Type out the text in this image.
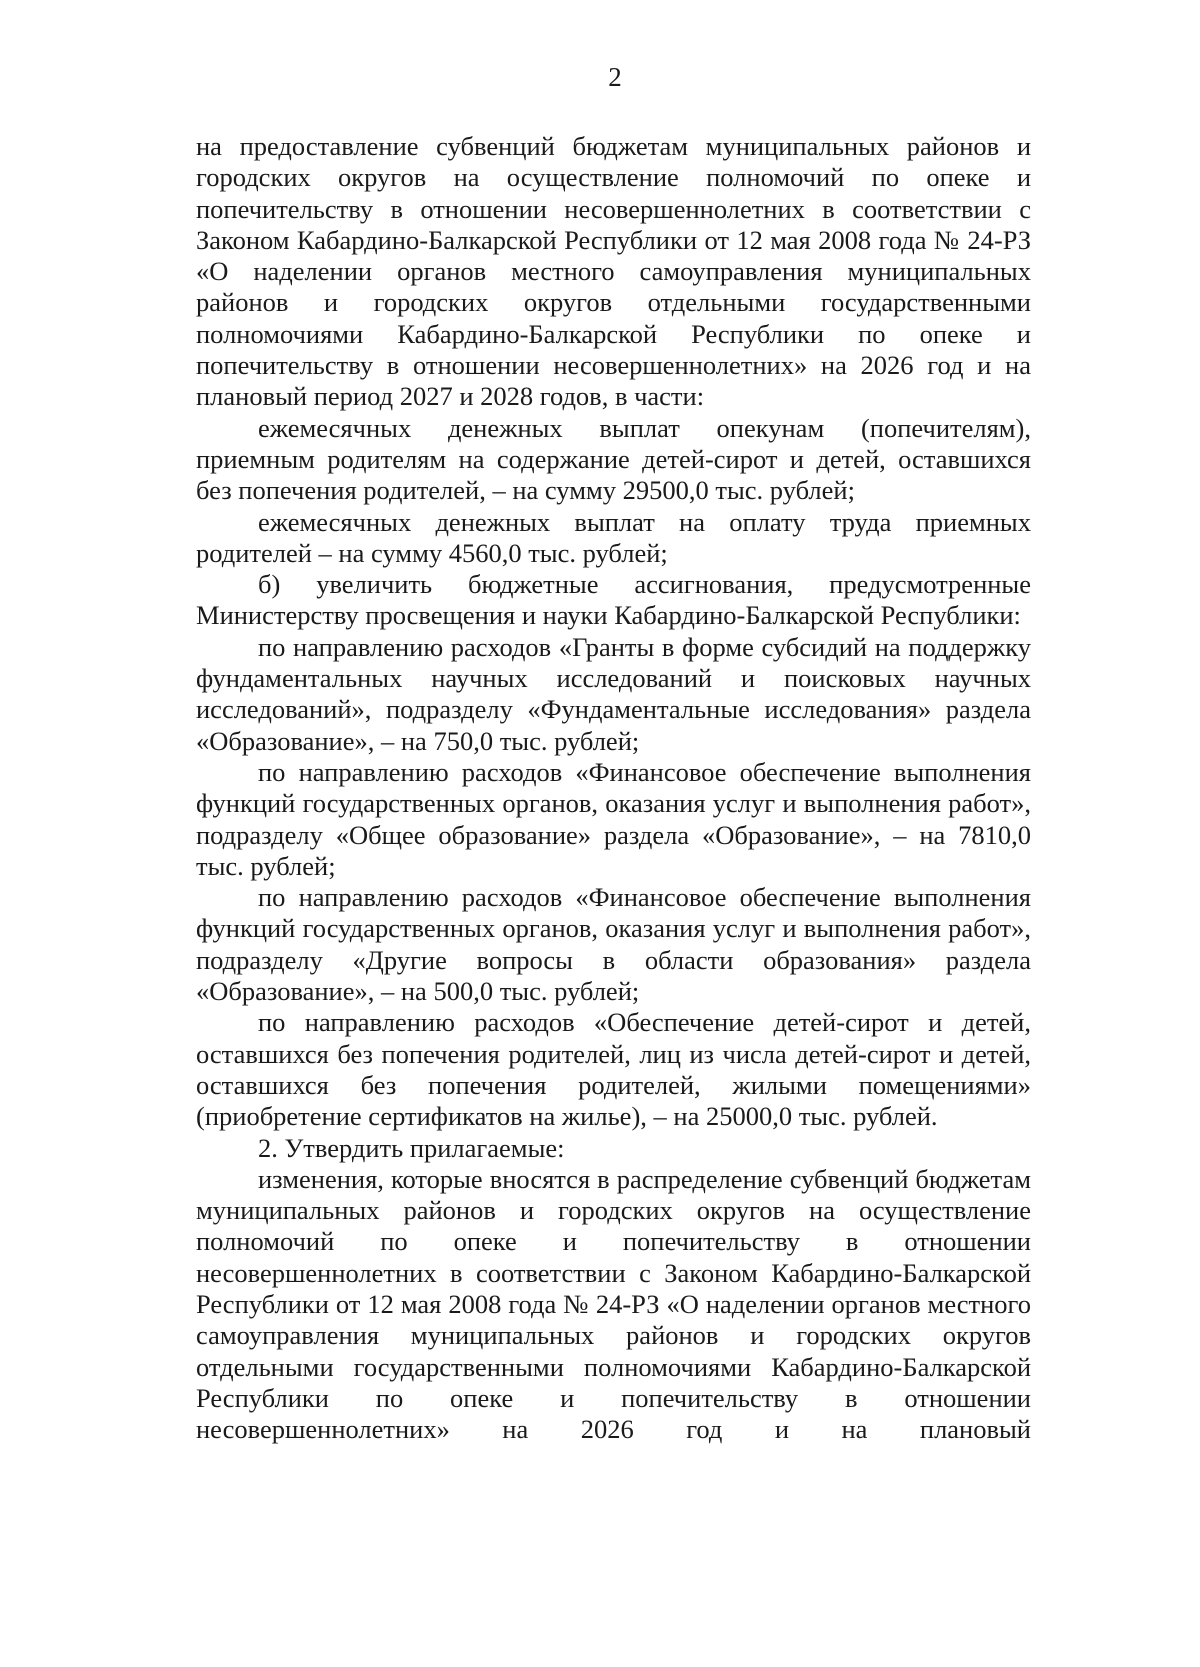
2

на предоставление субвенций бюджетам муниципальных районов и городских округов на осуществление полномочий по опеке и попечительству в отношении несовершеннолетних в соответствии с Законом Кабардино-Балкарской Республики от 12 мая 2008 года № 24-РЗ «О наделении органов местного самоуправления муниципальных районов и городских округов отдельными государственными полномочиями Кабардино-Балкарской Республики по опеке и попечительству в отношении несовершеннолетних» на 2026 год и на плановый период 2027 и 2028 годов, в части:

ежемесячных денежных выплат опекунам (попечителям), приемным родителям на содержание детей-сирот и детей, оставшихся без попечения родителей, – на сумму 29500,0 тыс. рублей;

ежемесячных денежных выплат на оплату труда приемных родителей – на сумму 4560,0 тыс. рублей;

б) увеличить бюджетные ассигнования, предусмотренные Министерству просвещения и науки Кабардино-Балкарской Республики:

по направлению расходов «Гранты в форме субсидий на поддержку фундаментальных научных исследований и поисковых научных исследований», подразделу «Фундаментальные исследования» раздела «Образование», – на 750,0 тыс. рублей;

по направлению расходов «Финансовое обеспечение выполнения функций государственных органов, оказания услуг и выполнения работ», подразделу «Общее образование» раздела «Образование», – на 7810,0 тыс. рублей;

по направлению расходов «Финансовое обеспечение выполнения функций государственных органов, оказания услуг и выполнения работ», подразделу «Другие вопросы в области образования» раздела «Образование», – на 500,0 тыс. рублей;

по направлению расходов «Обеспечение детей-сирот и детей, оставшихся без попечения родителей, лиц из числа детей-сирот и детей, оставшихся без попечения родителей, жилыми помещениями» (приобретение сертификатов на жилье), – на 25000,0 тыс. рублей.

2. Утвердить прилагаемые:

изменения, которые вносятся в распределение субвенций бюджетам муниципальных районов и городских округов на осуществление полномочий по опеке и попечительству в отношении несовершеннолетних в соответствии с Законом Кабардино-Балкарской Республики от 12 мая 2008 года № 24-РЗ «О наделении органов местного самоуправления муниципальных районов и городских округов отдельными государственными полномочиями Кабардино-Балкарской Республики по опеке и попечительству в отношении несовершеннолетних» на 2026 год и на плановый
